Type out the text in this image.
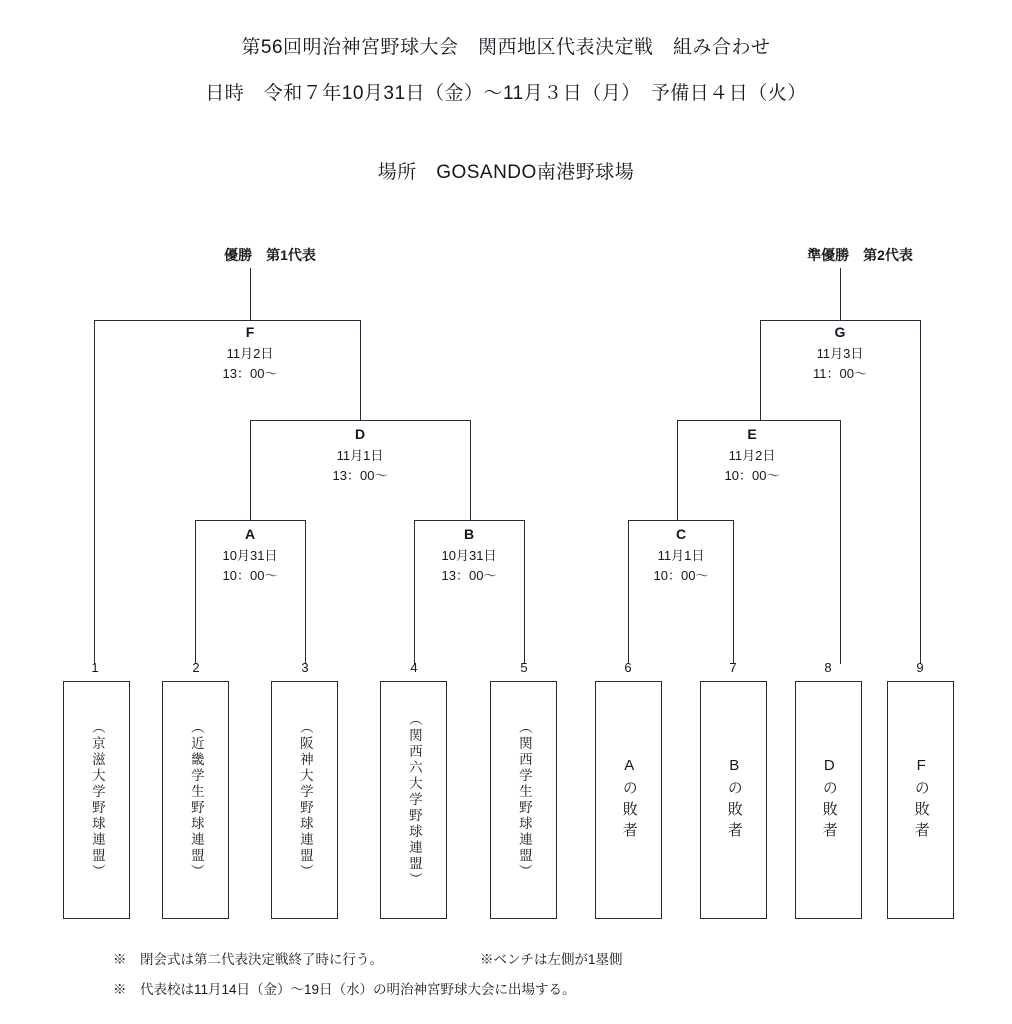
第56回明治神宮野球大会　関西地区代表決定戦　組み合わせ
日時　令和７年10月31日（金）〜11月３日（月）　予備日４日（火）
場所　GOSANDO南港野球場
優勝　第1代表	準優勝　第2代表
F
11月2日
13：00〜
G
11月3日
11：00〜
D
11月1日
13：00〜
E
11月2日
10：00〜
A
10月31日
10：00〜
B
10月31日
13：00〜
C
11月1日
10：00〜
1	2	3	4	5	6	7	8	9
（京滋大学野球連盟）	（近畿学生野球連盟）	（阪神大学野球連盟）	（関西六大学野球連盟）	（関西学生野球連盟）	Aの敗者	Bの敗者	Dの敗者	Fの敗者
※　閉会式は第二代表決定戦終了時に行う。	※ベンチは左側が1塁側
※　代表校は11月14日（金）〜19日（水）の明治神宮野球大会に出場する。
